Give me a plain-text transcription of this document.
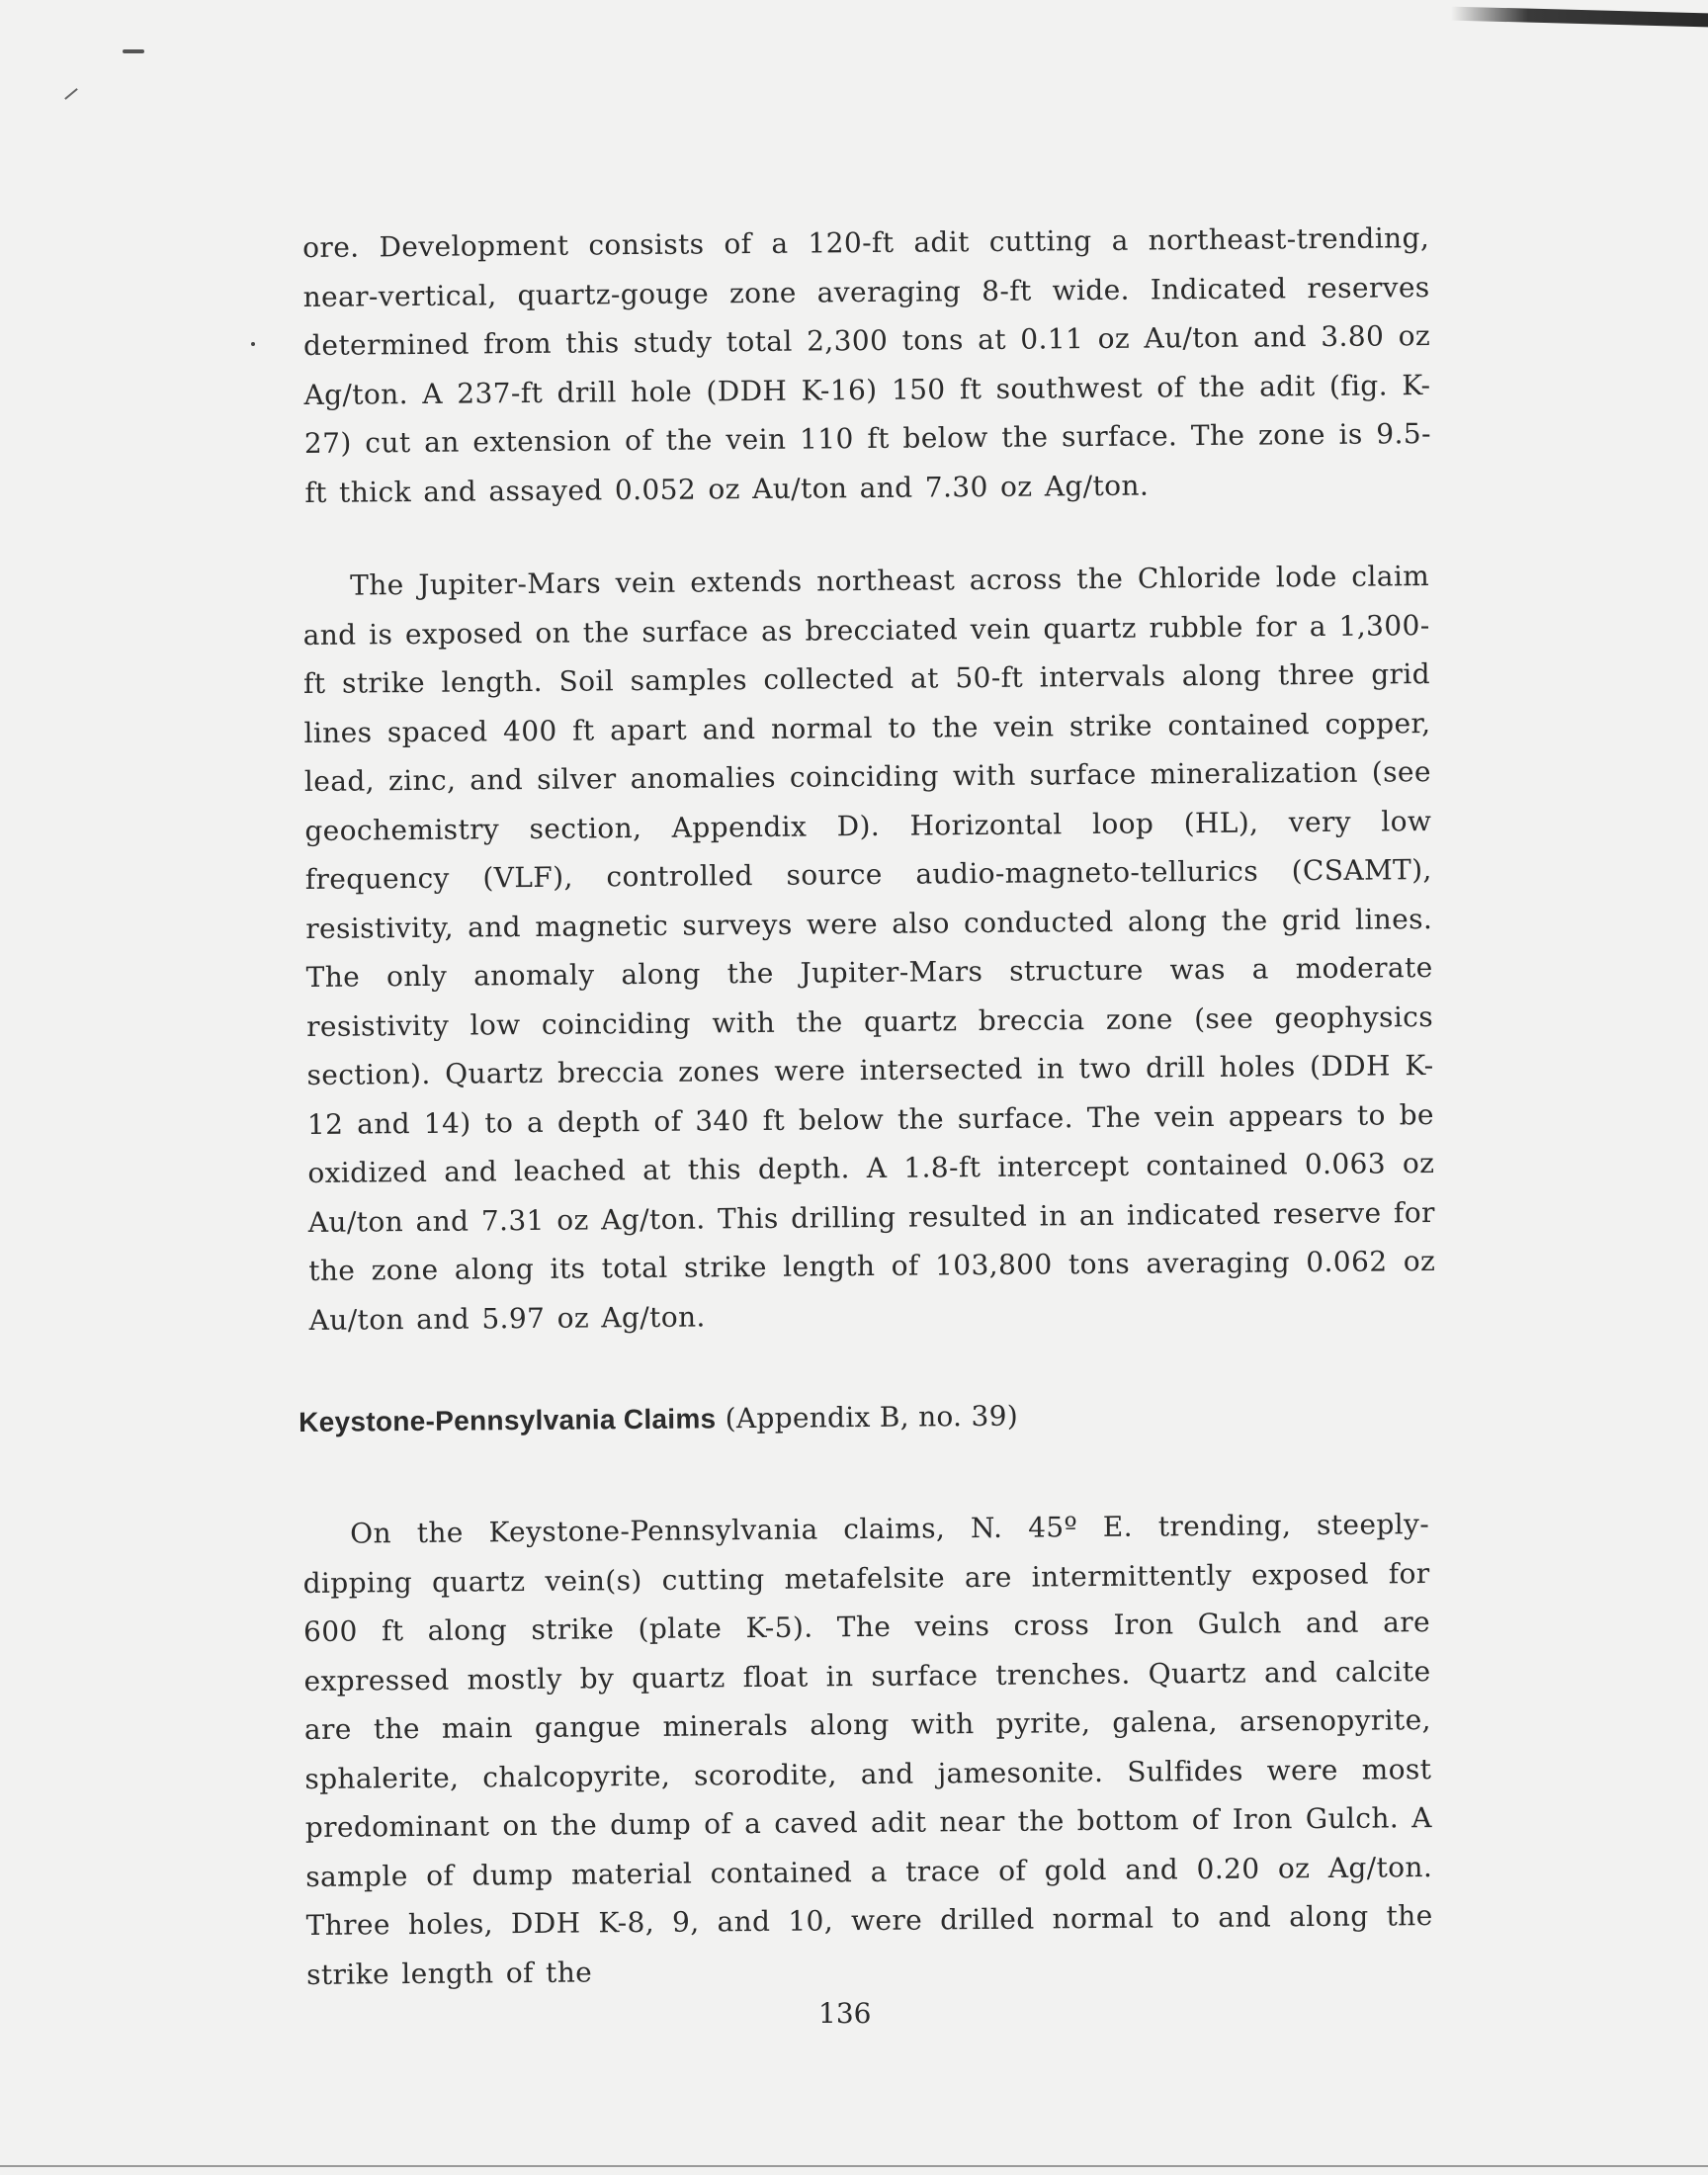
ore. Development consists of a 120-ft adit cutting a northeast-trending, near-vertical, quartz-gouge zone averaging 8-ft wide. Indicated reserves determined from this study total 2,300 tons at 0.11 oz Au/ton and 3.80 oz Ag/ton. A 237-ft drill hole (DDH K-16) 150 ft southwest of the adit (fig. K-27) cut an extension of the vein 110 ft below the surface. The zone is 9.5-ft thick and assayed 0.052 oz Au/ton and 7.30 oz Ag/ton.

The Jupiter-Mars vein extends northeast across the Chloride lode claim and is exposed on the surface as brecciated vein quartz rubble for a 1,300-ft strike length. Soil samples collected at 50-ft intervals along three grid lines spaced 400 ft apart and normal to the vein strike contained copper, lead, zinc, and silver anomalies coinciding with surface mineralization (see geochemistry section, Appendix D). Horizontal loop (HL), very low frequency (VLF), controlled source audio-magneto-tellurics (CSAMT), resistivity, and magnetic surveys were also conducted along the grid lines. The only anomaly along the Jupiter-Mars structure was a moderate resistivity low coinciding with the quartz breccia zone (see geophysics section). Quartz breccia zones were intersected in two drill holes (DDH K-12 and 14) to a depth of 340 ft below the surface. The vein appears to be oxidized and leached at this depth. A 1.8-ft intercept contained 0.063 oz Au/ton and 7.31 oz Ag/ton. This drilling resulted in an indicated reserve for the zone along its total strike length of 103,800 tons averaging 0.062 oz Au/ton and 5.97 oz Ag/ton.

Keystone-Pennsylvania Claims (Appendix B, no. 39)

On the Keystone-Pennsylvania claims, N. 45º E. trending, steeply-dipping quartz vein(s) cutting metafelsite are intermittently exposed for 600 ft along strike (plate K-5). The veins cross Iron Gulch and are expressed mostly by quartz float in surface trenches. Quartz and calcite are the main gangue minerals along with pyrite, galena, arsenopyrite, sphalerite, chalcopyrite, scorodite, and jamesonite. Sulfides were most predominant on the dump of a caved adit near the bottom of Iron Gulch. A sample of dump material contained a trace of gold and 0.20 oz Ag/ton. Three holes, DDH K-8, 9, and 10, were drilled normal to and along the strike length of the

136
